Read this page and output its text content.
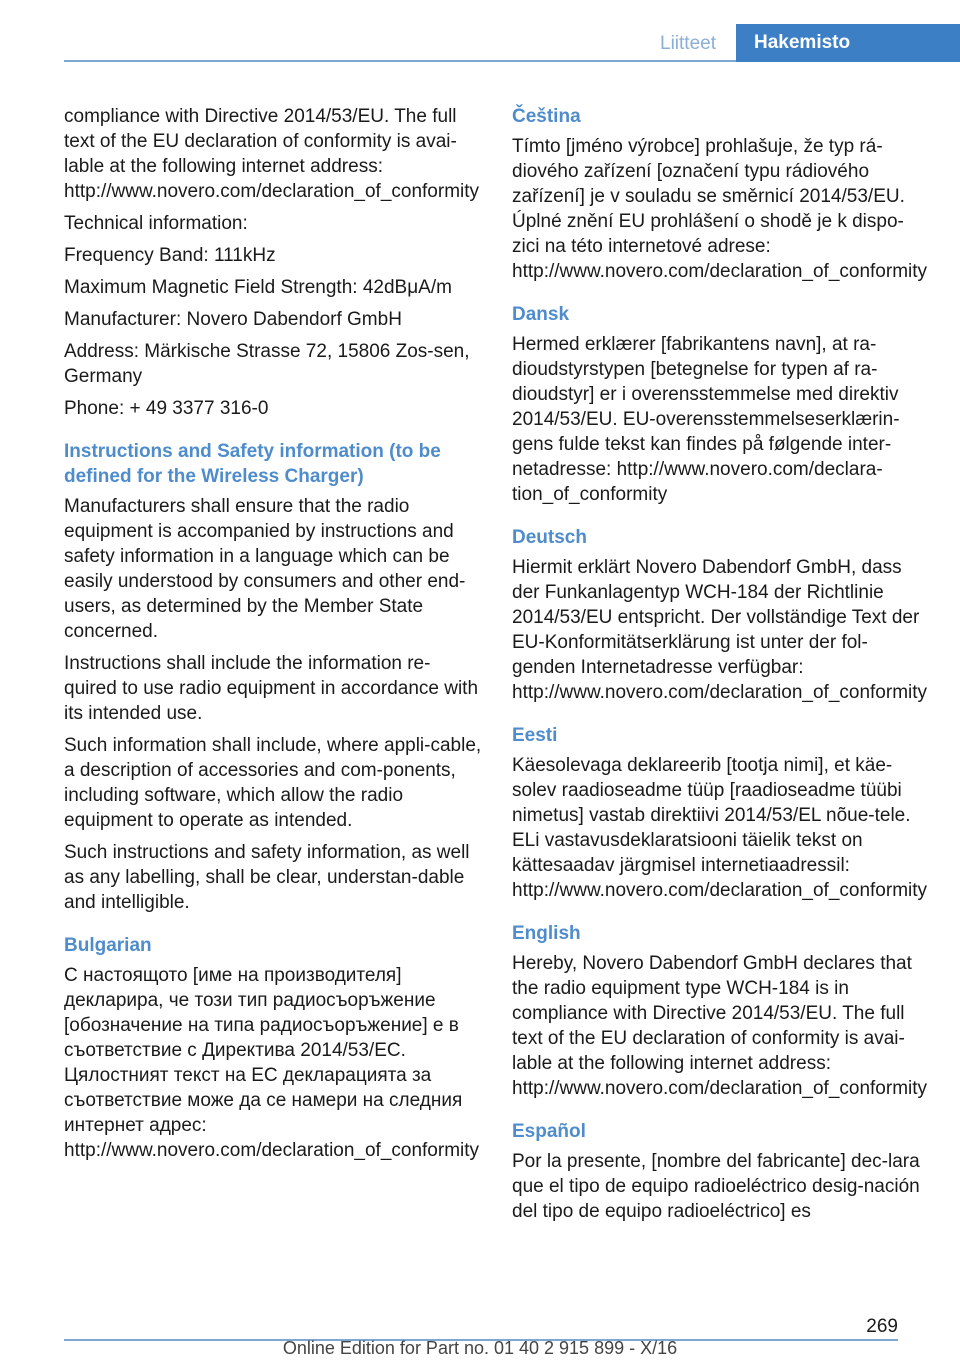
Liitteet	Hakemisto
compliance with Directive 2014/53/EU. The full text of the EU declaration of conformity is avai‐lable at the following internet address: http://www.novero.com/declaration_of_conformity
Technical information:
Frequency Band: 111kHz
Maximum Magnetic Field Strength: 42dBμA/m
Manufacturer: Novero Dabendorf GmbH
Address: Märkische Strasse 72, 15806 Zos‐sen, Germany
Phone: + 49 3377 316-0
Instructions and Safety information (to be defined for the Wireless Charger)
Manufacturers shall ensure that the radio equipment is accompanied by instructions and safety information in a language which can be easily understood by consumers and other end-users, as determined by the Member State concerned.
Instructions shall include the information re‐quired to use radio equipment in accordance with its intended use.
Such information shall include, where appli‐cable, a description of accessories and com‐ponents, including software, which allow the radio equipment to operate as intended.
Such instructions and safety information, as well as any labelling, shall be clear, understan‐dable and intelligible.
Bulgarian
С настоящото [име на производителя] декларира, че този тип радиосъоръжение [обозначение на типа радиосъоръжение] е в съответствие с Директива 2014/53/ЕС. Цялостният текст на ЕС декларацията за съответствие може да се намери на следния интернет адрес: http://www.novero.com/declaration_of_conformity
Čeština
Tímto [jméno výrobce] prohlašuje, že typ rá‐diového zařízení [označení typu rádiového zařízení] je v souladu se směrnicí 2014/53/EU. Úplné znění EU prohlášení o shodě je k dispo‐zici na této internetové adrese: http://www.novero.com/declaration_of_conformity
Dansk
Hermed erklærer [fabrikantens navn], at ra‐dioudstyrstypen [betegnelse for typen af ra‐dioudstyr] er i overensstemmelse med direktiv 2014/53/EU. EU-overensstemmelseserklærin‐gens fulde tekst kan findes på følgende inter‐netadresse: http://www.novero.com/declara‐tion_of_conformity
Deutsch
Hiermit erklärt Novero Dabendorf GmbH, dass der Funkanlagentyp WCH-184 der Richtlinie 2014/53/EU entspricht. Der vollständige Text der EU-Konformitätserklärung ist unter der fol‐genden Internetadresse verfügbar: http://www.novero.com/declaration_of_conformity
Eesti
Käesolevaga deklareerib [tootja nimi], et käe‐solev raadioseadme tüüp [raadioseadme tüübi nimetus] vastab direktiivi 2014/53/EL nõue‐tele. ELi vastavusdeklaratsiooni täielik tekst on kättesaadav järgmisel internetiaadressil: http://www.novero.com/declaration_of_conformity
English
Hereby, Novero Dabendorf GmbH declares that the radio equipment type WCH-184 is in compliance with Directive 2014/53/EU. The full text of the EU declaration of conformity is avai‐lable at the following internet address: http://www.novero.com/declaration_of_conformity
Español
Por la presente, [nombre del fabricante] dec‐lara que el tipo de equipo radioeléctrico desig‐nación del tipo de equipo radioeléctrico] es
269
Online Edition for Part no. 01 40 2 915 899 - X/16
